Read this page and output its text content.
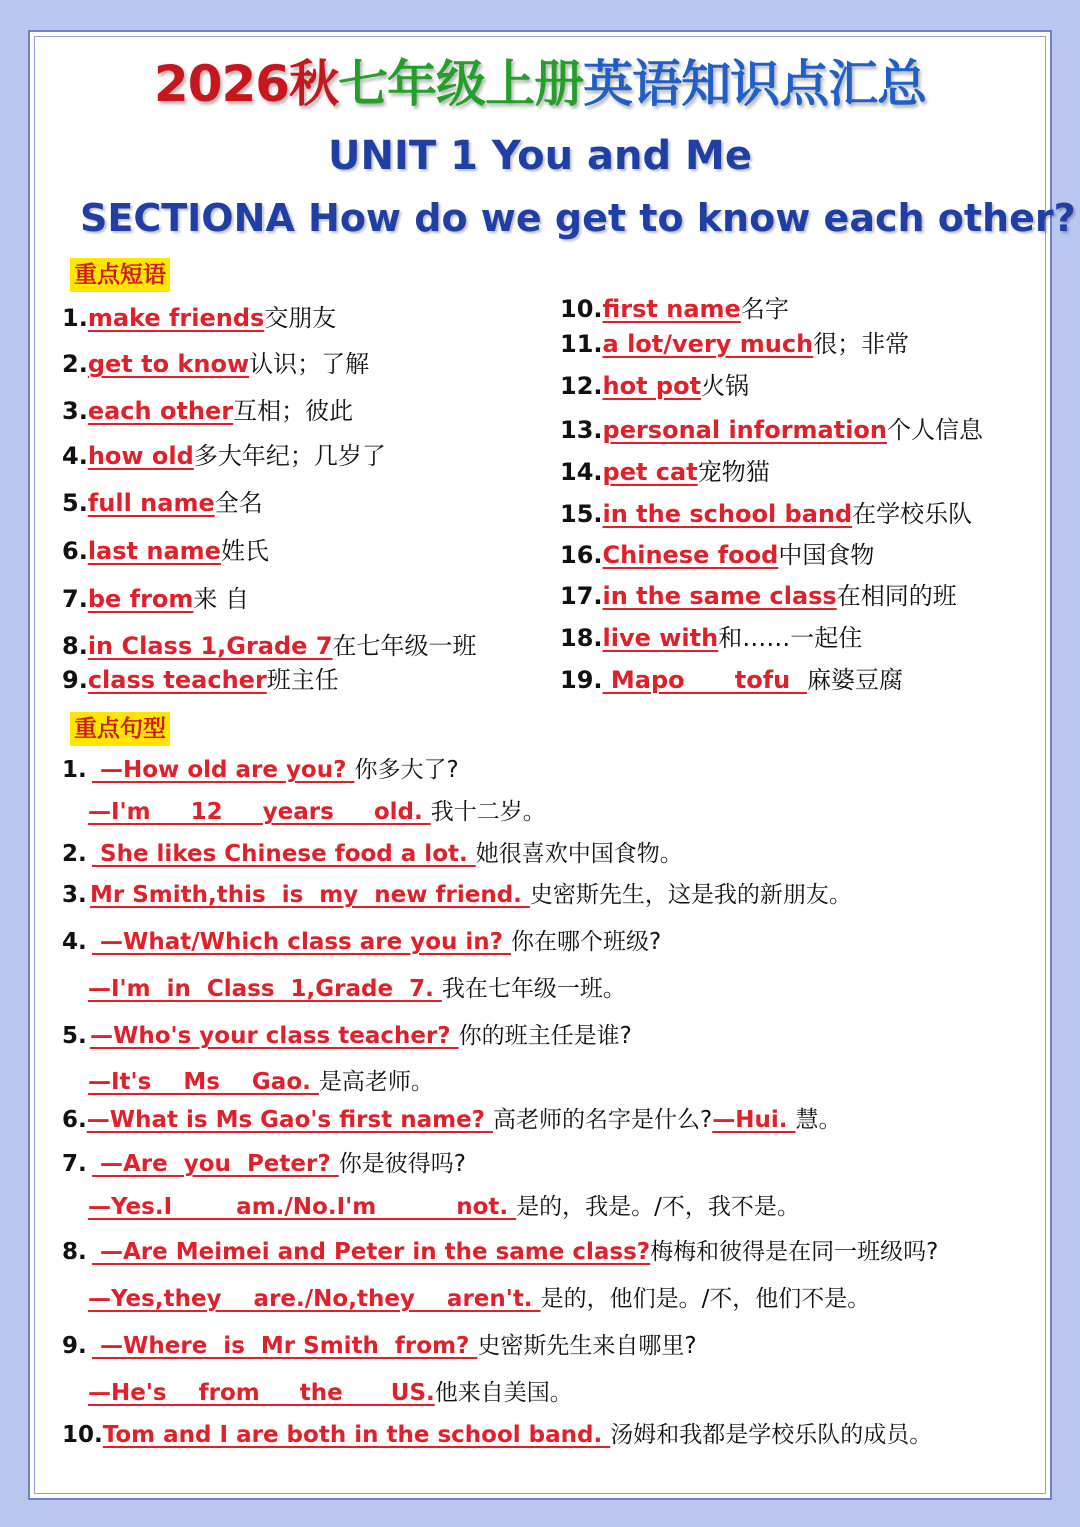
2026秋七年级上册英语知识点汇总
UNIT 1 You and Me
SECTIONA How do we get to know each other?
重点短语
1.make friends交朋友
2.get to know认识；了解
3.each other互相；彼此
4.how old多大年纪；几岁了
5.full name全名
6.last name姓氏
7.be from来 自
8.in Class 1,Grade 7在七年级一班
9.class teacher班主任
10.first name名字
11.a lot/very much很；非常
12.hot pot火锅
13.personal information个人信息
14.pet cat宠物猫
15.in the school band在学校乐队
16.Chinese food中国食物
17.in the same class在相同的班
18.live with和……一起住
19. Mapo      tofu  麻婆豆腐
重点句型
1. —How old are you? 你多大了?
—I'm     12     years     old. 我十二岁。
2. She likes Chinese food a lot. 她很喜欢中国食物。
3. Mr Smith,this  is  my  new friend. 史密斯先生，这是我的新朋友。
4. —What/Which class are you in? 你在哪个班级?
—I'm  in  Class  1,Grade  7. 我在七年级一班。
5. —Who's your class teacher? 你的班主任是谁?
—It's    Ms    Gao. 是高老师。
6.—What is Ms Gao's first name? 高老师的名字是什么?—Hui. 慧。
7. —Are  you  Peter? 你是彼得吗?
—Yes.I        am./No.I'm          not. 是的，我是。/不，我不是。
8. —Are Meimei and Peter in the same class?梅梅和彼得是在同一班级吗?
—Yes,they    are./No,they    aren't. 是的，他们是。/不，他们不是。
9. —Where  is  Mr Smith  from? 史密斯先生来自哪里?
—He's    from     the      US.他来自美国。
10.Tom and I are both in the school band. 汤姆和我都是学校乐队的成员。
